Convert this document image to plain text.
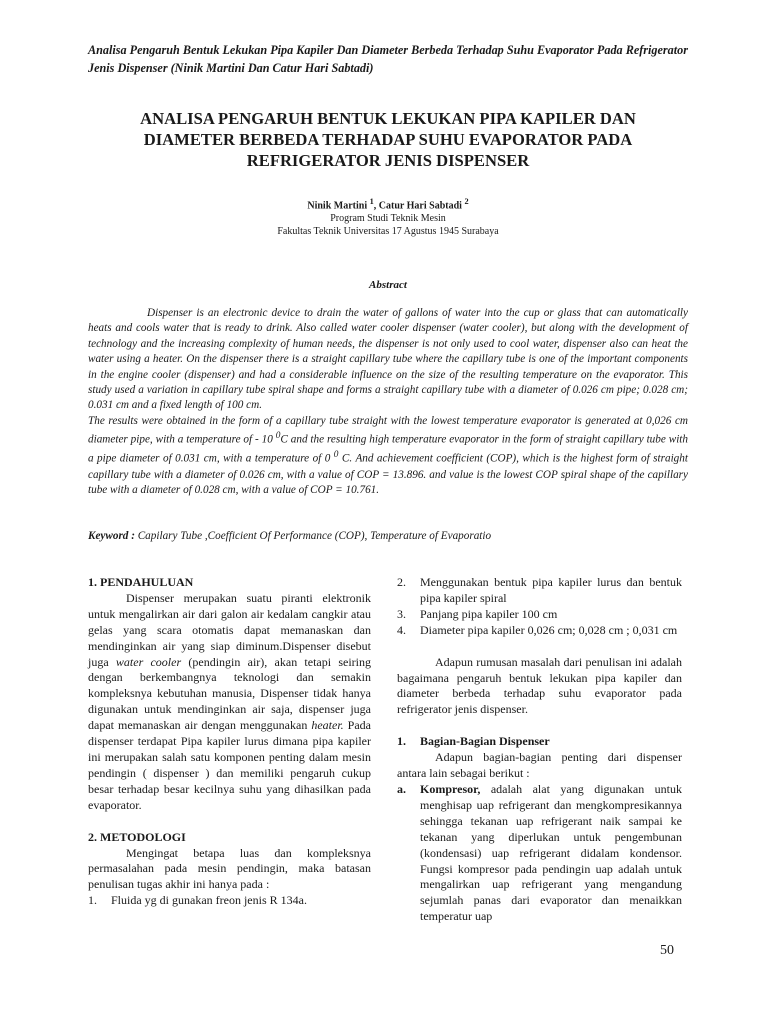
Analisa Pengaruh Bentuk Lekukan Pipa Kapiler Dan Diameter Berbeda Terhadap Suhu Evaporator Pada Refrigerator Jenis Dispenser (Ninik Martini Dan Catur Hari Sabtadi)
ANALISA PENGARUH BENTUK LEKUKAN PIPA KAPILER DAN
DIAMETER BERBEDA TERHADAP SUHU EVAPORATOR PADA
REFRIGERATOR JENIS DISPENSER
Ninik Martini $^1$, Catur Hari Sabtadi $^2$
Program Studi Teknik Mesin
Fakultas Teknik Universitas 17 Agustus 1945 Surabaya
Abstract

Dispenser is an electronic device to drain the water of gallons of water into the cup or glass that can automatically heats and cools water that is ready to drink. Also called water cooler dispenser (water cooler), but along with the development of technology and the increasing complexity of human needs, the dispenser is not only used to cool water, dispenser also can heat the water using a heater. On the dispenser there is a straight capillary tube where the capillary tube is one of the important components in the engine cooler (dispenser) and had a considerable influence on the size of the resulting temperature on the evaporator. This study used a variation in capillary tube spiral shape and forms a straight capillary tube with a diameter of 0.026 cm pipe; 0.028 cm; 0.031 cm and a fixed length of 100 cm.

The results were obtained in the form of a capillary tube straight with the lowest temperature evaporator is generated at 0,026 cm diameter pipe, with a temperature of - 10 $^0$C and the resulting high temperature evaporator in the form of straight capillary tube with a pipe diameter of 0.031 cm, with a temperature of 0 $^0$ C. And achievement coefficient (COP), which is the highest form of straight capillary tube with a diameter of 0.026 cm, with a value of COP = 13.896. and value is the lowest COP spiral shape of the capillary tube with a diameter of 0.028 cm, with a value of COP = 10.761.

Keyword : Capilary Tube ,Coefficient Of Performance (COP), Temperature of Evaporatio
1. PENDAHULUAN

Dispenser merupakan suatu piranti elektronik untuk mengalirkan air dari galon air kedalam cangkir atau gelas yang scara otomatis dapat memanaskan dan mendinginkan air yang siap diminum.Dispenser disebut juga water cooler (pendingin air), akan tetapi seiring dengan berkembangnya teknologi dan semakin kompleksnya kebutuhan manusia, Dispenser tidak hanya digunakan untuk mendinginkan air saja, dispenser juga dapat memanaskan air dengan menggunakan heater. Pada dispenser terdapat Pipa kapiler lurus dimana pipa kapiler ini merupakan salah satu komponen penting dalam mesin pendingin ( dispenser ) dan memiliki pengaruh cukup besar terhadap besar kecilnya suhu yang dihasilkan pada evaporator.

2. METODOLOGI

Mengingat betapa luas dan kompleksnya permasalahan pada mesin pendingin, maka batasan penulisan tugas akhir ini hanya pada :

1.	Fluida yg di gunakan freon jenis R 134a.
2.	Menggunakan bentuk pipa kapiler lurus dan bentuk pipa kapiler spiral
3.	Panjang pipa kapiler 100 cm
4.	Diameter pipa kapiler 0,026 cm; 0,028 cm ; 0,031 cm

Adapun rumusan masalah dari penulisan ini adalah bagaimana pengaruh bentuk lekukan pipa kapiler dan diameter berbeda terhadap suhu evaporator pada refrigerator jenis dispenser.

1.	Bagian-Bagian Dispenser

Adapun bagian-bagian penting dari dispenser antara lain sebagai berikut :

a.	Kompresor, adalah alat yang digunakan untuk menghisap uap refrigerant dan mengkompresikannya sehingga tekanan uap refrigerant naik sampai ke tekanan yang diperlukan untuk pengembunan (kondensasi) uap refrigerant didalam kondensor. Fungsi kompresor pada pendingin uap adalah untuk mengalirkan uap refrigerant yang mengandung sejumlah panas dari evaporator dan menaikkan temperatur uap
50
